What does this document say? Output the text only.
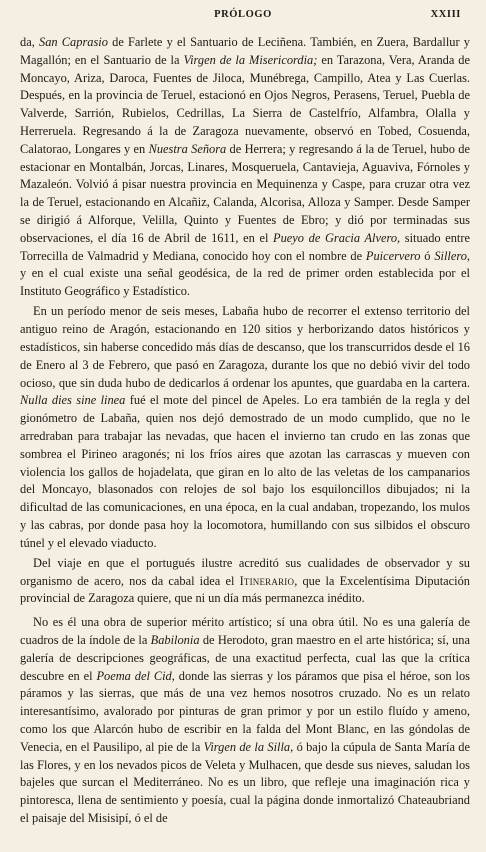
PRÓLOGO	XXIII

da, San Caprasio de Farlete y el Santuario de Leciñena. También, en Zuera, Bardallur y Magallón; en el Santuario de la Virgen de la Misericordia; en Tarazona, Vera, Aranda de Moncayo, Ariza, Daroca, Fuentes de Jiloca, Munébrega, Campillo, Atea y Las Cuerlas. Después, en la provincia de Teruel, estacionó en Ojos Negros, Perasens, Teruel, Puebla de Valverde, Sarrión, Rubielos, Cedrillas, La Sierra de Castelfrío, Alfambra, Olalla y Herreruela. Regresando á la de Zaragoza nuevamente, observó en Tobed, Cosuenda, Calatorao, Longares y en Nuestra Señora de Herrera; y regresando á la de Teruel, hubo de estacionar en Montalbán, Jorcas, Linares, Mosqueruela, Cantavieja, Aguaviva, Fórnoles y Mazaleón. Volvió á pisar nuestra provincia en Mequinenza y Caspe, para cruzar otra vez la de Teruel, estacionando en Alcañiz, Calanda, Alcorisa, Alloza y Samper. Desde Samper se dirigió á Alforque, Velilla, Quinto y Fuentes de Ebro; y dió por terminadas sus observaciones, el día 16 de Abril de 1611, en el Pueyo de Gracia Alvero, situado entre Torrecilla de Valmadrid y Mediana, conocido hoy con el nombre de Puicervero ó Sillero, y en el cual existe una señal geodésica, de la red de primer orden establecida por el Instituto Geográfico y Estadístico.

En un período menor de seis meses, Labaña hubo de recorrer el extenso territorio del antiguo reino de Aragón, estacionando en 120 sitios y herborizando datos históricos y estadísticos, sin haberse concedido más días de descanso, que los transcurridos desde el 16 de Enero al 3 de Febrero, que pasó en Zaragoza, durante los que no debió vivir del todo ocioso, que sin duda hubo de dedicarlos á ordenar los apuntes, que guardaba en la cartera. Nulla dies sine linea fué el mote del pincel de Apeles. Lo era también de la regla y del gionómetro de Labaña, quien nos dejó demostrado de un modo cumplido, que no le arredraban para trabajar las nevadas, que hacen el invierno tan crudo en las zonas que sombrea el Pirineo aragonés; ni los fríos aires que azotan las carrascas y mueven con violencia los gallos de hojadelata, que giran en lo alto de las veletas de los campanarios del Moncayo, blasonados con relojes de sol bajo los esquiloncillos dibujados; ni la dificultad de las comunicaciones, en una época, en la cual andaban, tropezando, los mulos y las cabras, por donde pasa hoy la locomotora, humillando con sus silbidos el obscuro túnel y el elevado viaducto.

Del viaje en que el portugués ilustre acreditó sus cualidades de observador y su organismo de acero, nos da cabal idea el Itinerario, que la Excelentísima Diputación provincial de Zaragoza quiere, que ni un día más permanezca inédito.

No es él una obra de superior mérito artístico; sí una obra útil. No es una galería de cuadros de la índole de la Babilonia de Herodoto, gran maestro en el arte histórica; sí, una galería de descripciones geográficas, de una exactitud perfecta, cual las que la crítica descubre en el Poema del Cid, donde las sierras y los páramos que pisa el héroe, son los páramos y las sierras, que más de una vez hemos nosotros cruzado. No es un relato interesantísimo, avalorado por pinturas de gran primor y por un estilo fluído y ameno, como los que Alarcón hubo de escribir en la falda del Mont Blanc, en las góndolas de Venecia, en el Pausilipo, al pie de la Virgen de la Silla, ó bajo la cúpula de Santa María de las Flores, y en los nevados picos de Veleta y Mulhacen, que desde sus nieves, saludan los bajeles que surcan el Mediterráneo. No es un libro, que refleje una imaginación rica y pintoresca, llena de sentimiento y poesía, cual la página donde inmortalizó Chateaubriand el paisaje del Misisipí, ó el de
